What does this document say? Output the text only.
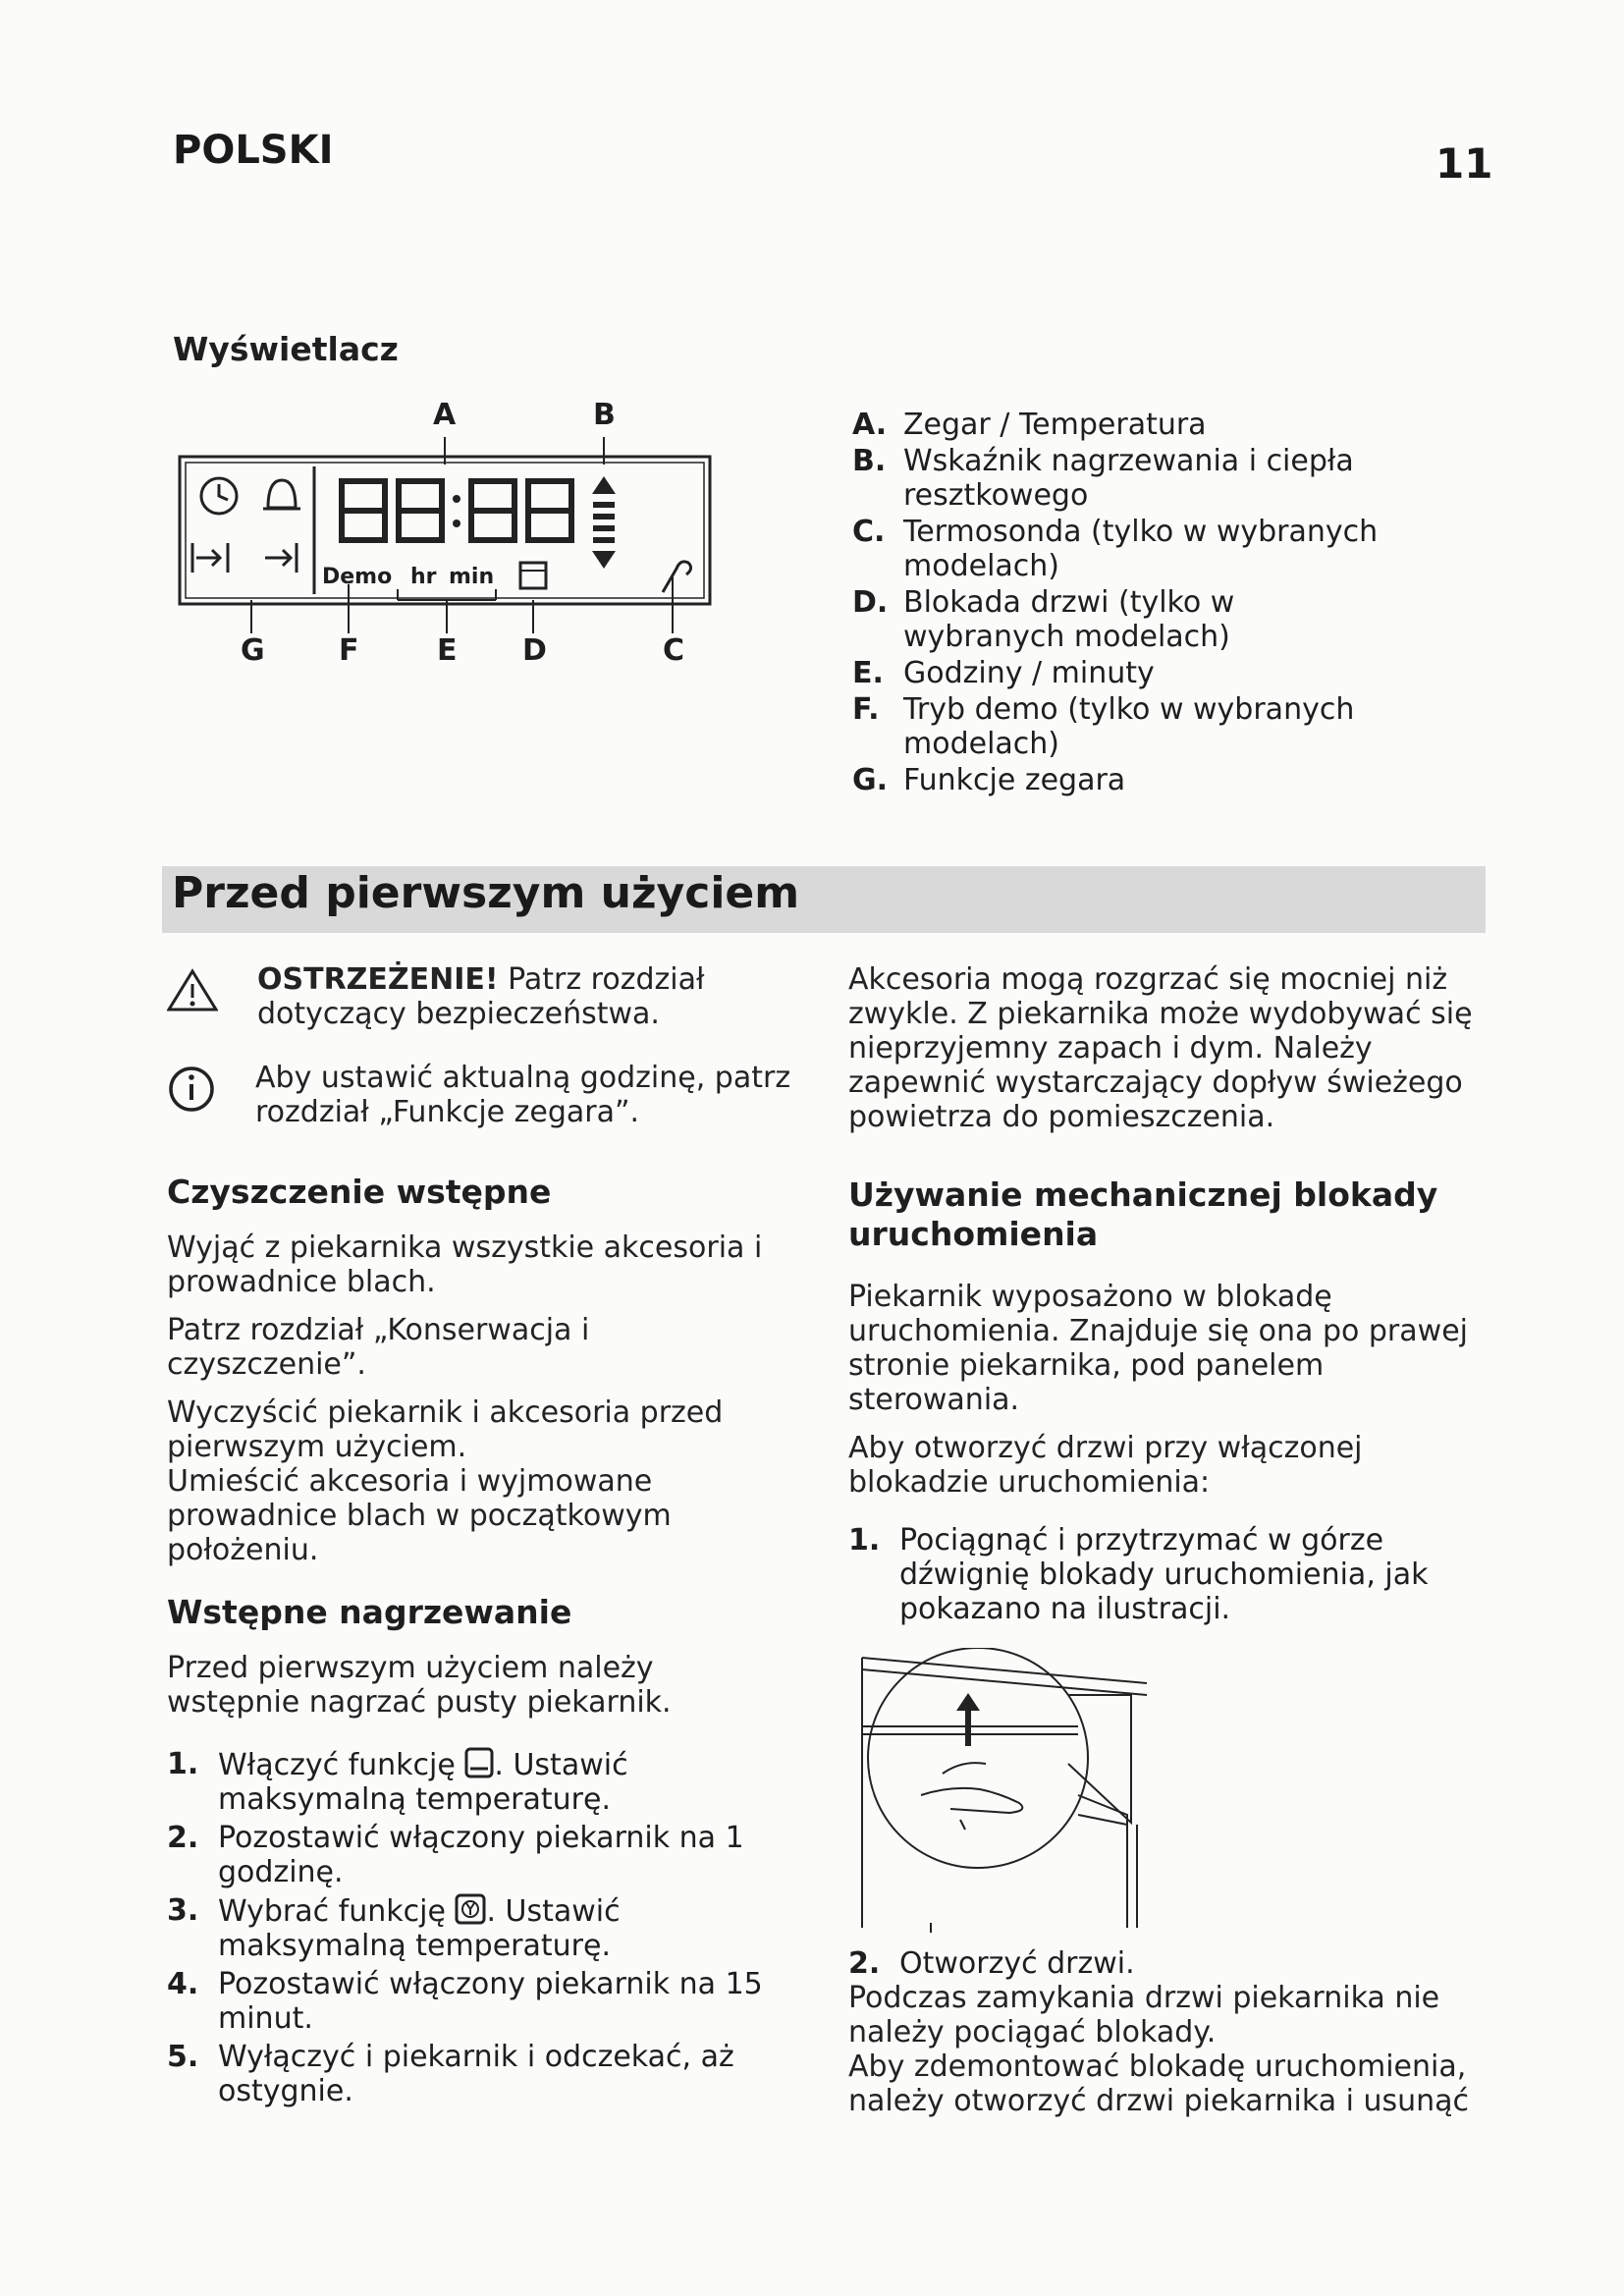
POLSKI	11
Wyświetlacz
A	B
G	F	E D	C
Demo hr min
A. Zegar / Temperatura
B. Wskaźnik nagrzewania i ciepła resztkowego
C. Termosonda (tylko w wybranych modelach)
D. Blokada drzwi (tylko w wybranych modelach)
E. Godziny / minuty
F. Tryb demo (tylko w wybranych modelach)
G. Funkcje zegara
Przed pierwszym użyciem
OSTRZEŻENIE! Patrz rozdział dotyczący bezpieczeństwa.
Aby ustawić aktualną godzinę, patrz rozdział „Funkcje zegara”.
Czyszczenie wstępne

Wyjąć z piekarnika wszystkie akcesoria i prowadnice blach.

Patrz rozdział „Konserwacja i czyszczenie”.

Wyczyścić piekarnik i akcesoria przed pierwszym użyciem.

Umieścić akcesoria i wyjmowane prowadnice blach w początkowym położeniu.

Wstępne nagrzewanie

Przed pierwszym użyciem należy wstępnie nagrzać pusty piekarnik.

1. Włączyć funkcję . Ustawić maksymalną temperaturę.
2. Pozostawić włączony piekarnik na 1 godzinę.
3. Wybrać funkcję . Ustawić maksymalną temperaturę.
4. Pozostawić włączony piekarnik na 15 minut.
5. Wyłączyć i piekarnik i odczekać, aż ostygnie.

Akcesoria mogą rozgrzać się mocniej niż zwykle. Z piekarnika może wydobywać się nieprzyjemny zapach i dym. Należy zapewnić wystarczający dopływ świeżego powietrza do pomieszczenia.

Używanie mechanicznej blokady uruchomienia

Piekarnik wyposażono w blokadę uruchomienia. Znajduje się ona po prawej stronie piekarnika, pod panelem sterowania.

Aby otworzyć drzwi przy włączonej blokadzie uruchomienia:

1. Pociągnąć i przytrzymać w górze dźwignię blokady uruchomienia, jak pokazano na ilustracji.
2. Otworzyć drzwi.

Podczas zamykania drzwi piekarnika nie należy pociągać blokady.

Aby zdemontować blokadę uruchomienia, należy otworzyć drzwi piekarnika i usunąć
